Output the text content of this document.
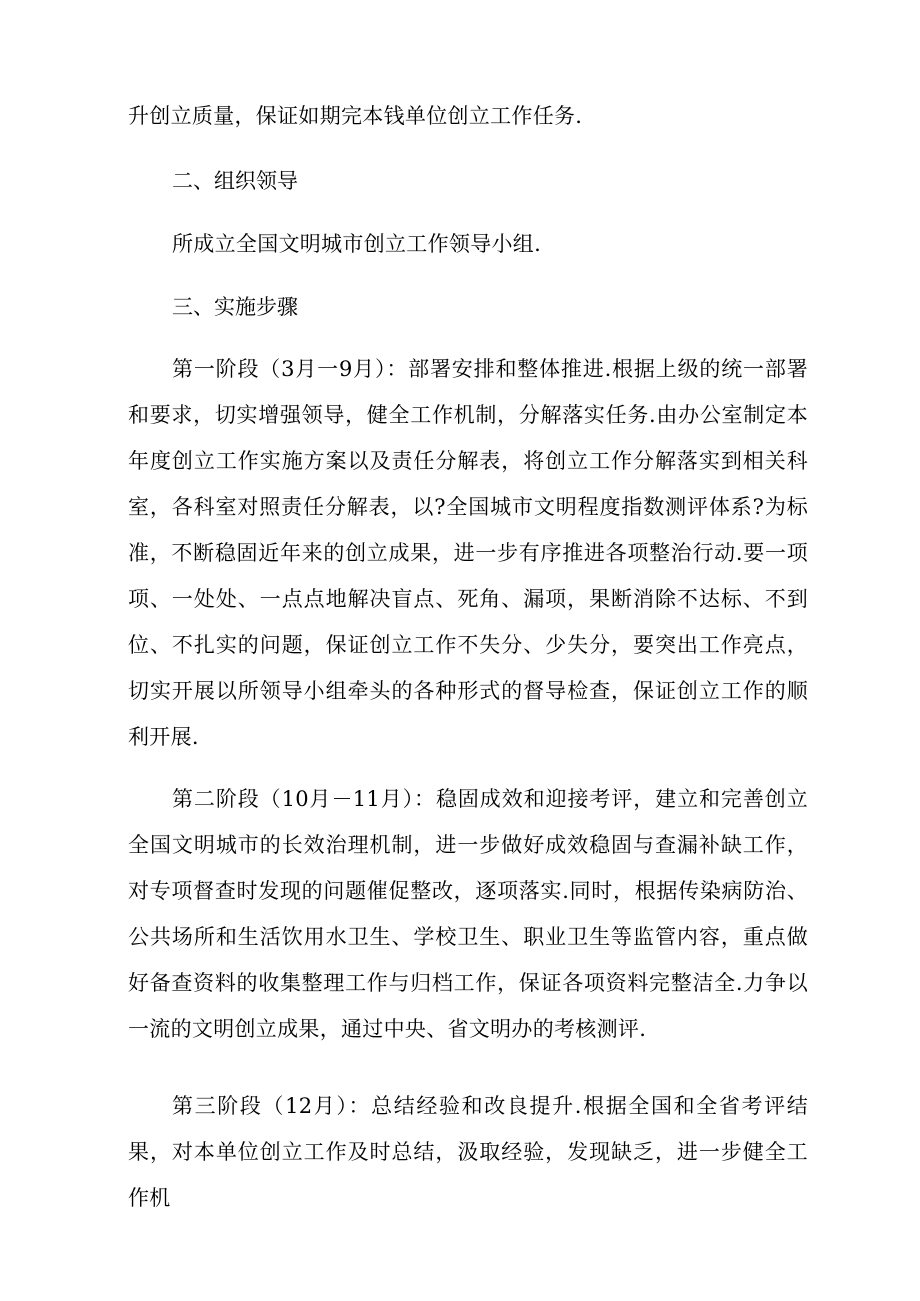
升创立质量，保证如期完本钱单位创立工作任务.

二、组织领导

所成立全国文明城市创立工作领导小组.

三、实施步骤

第一阶段（3月一9月）：部署安排和整体推进.根据上级的统一部署和要求，切实增强领导，健全工作机制，分解落实任务.由办公室制定本年度创立工作实施方案以及责任分解表，将创立工作分解落实到相关科室，各科室对照责任分解表，以?全国城市文明程度指数测评体系?为标准，不断稳固近年来的创立成果，进一步有序推进各项整治行动.要一项项、一处处、一点点地解决盲点、死角、漏项，果断消除不达标、不到位、不扎实的问题，保证创立工作不失分、少失分，要突出工作亮点，切实开展以所领导小组牵头的各种形式的督导检查，保证创立工作的顺利开展.

第二阶段（10月－11月）：稳固成效和迎接考评，建立和完善创立全国文明城市的长效治理机制，进一步做好成效稳固与查漏补缺工作，对专项督查时发现的问题催促整改，逐项落实.同时，根据传染病防治、公共场所和生活饮用水卫生、学校卫生、职业卫生等监管内容，重点做好备查资料的收集整理工作与归档工作，保证各项资料完整洁全.力争以一流的文明创立成果，通过中央、省文明办的考核测评.

第三阶段（12月）：总结经验和改良提升.根据全国和全省考评结果，对本单位创立工作及时总结，汲取经验，发现缺乏，进一步健全工作机
